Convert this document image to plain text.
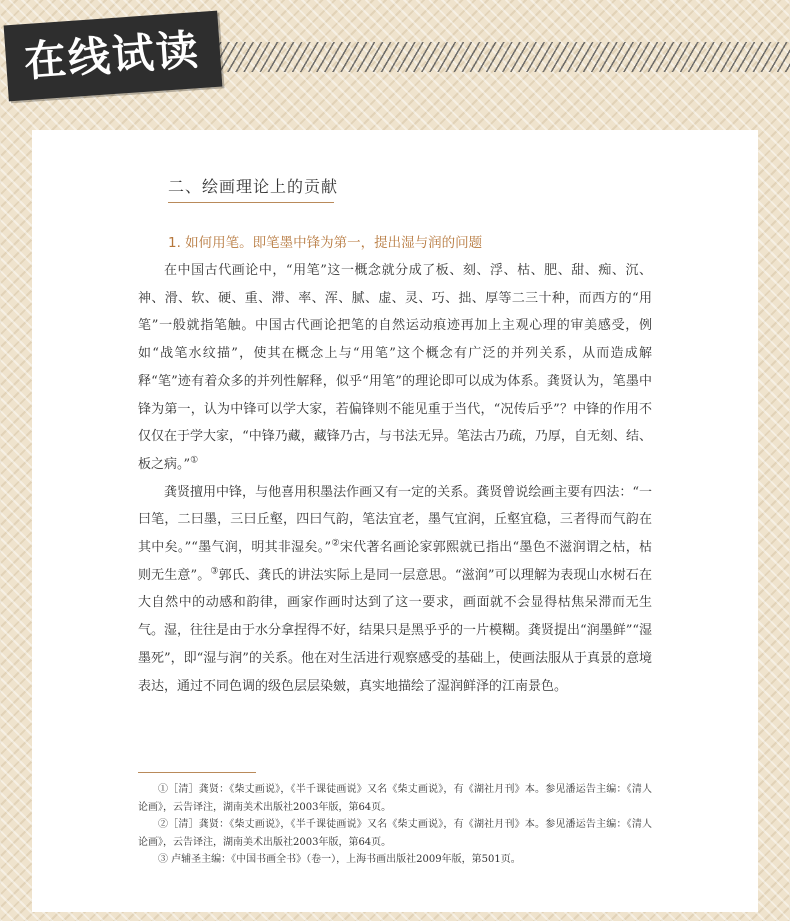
在线试读
二、绘画理论上的贡献
1. 如何用笔。即笔墨中锋为第一，提出湿与润的问题

在中国古代画论中，“用笔”这一概念就分成了板、刻、浮、枯、肥、甜、痴、沉、神、滑、软、硬、重、滞、率、浑、腻、虚、灵、巧、拙、厚等二三十种，而西方的“用笔”一般就指笔触。中国古代画论把笔的自然运动痕迹再加上主观心理的审美感受，例如“战笔水纹描”，使其在概念上与“用笔”这个概念有广泛的并列关系，从而造成解释“笔”迹有着众多的并列性解释，似乎“用笔”的理论即可以成为体系。龚贤认为，笔墨中锋为第一，认为中锋可以学大家，若偏锋则不能见重于当代，“况传后乎”？中锋的作用不仅仅在于学大家，“中锋乃藏，藏锋乃古，与书法无异。笔法古乃疏，乃厚，自无刻、结、板之病。”①

龚贤擅用中锋，与他喜用积墨法作画又有一定的关系。龚贤曾说绘画主要有四法：“一曰笔，二曰墨，三曰丘壑，四曰气韵，笔法宜老，墨气宜润，丘壑宜稳，三者得而气韵在其中矣。”“墨气润，明其非湿矣。”②宋代著名画论家郭熙就已指出“墨色不滋润谓之枯，枯则无生意”。③郭氏、龚氏的讲法实际上是同一层意思。“滋润”可以理解为表现山水树石在大自然中的动感和韵律，画家作画时达到了这一要求，画面就不会显得枯焦呆滞而无生气。湿，往往是由于水分拿捏得不好，结果只是黑乎乎的一片模糊。龚贤提出“润墨鲜”“湿墨死”，即“湿与润”的关系。他在对生活进行观察感受的基础上，使画法服从于真景的意境表达，通过不同色调的级色层层染皴，真实地描绘了湿润鲜泽的江南景色。

①［清］龚贤：《柴丈画说》，《半千课徒画说》又名《柴丈画说》，有《湖社月刊》本。参见潘运告主编：《清人论画》，云告译注，湖南美术出版社2003年版，第64页。

②［清］龚贤：《柴丈画说》，《半千课徒画说》又名《柴丈画说》，有《湖社月刊》本。参见潘运告主编：《清人论画》，云告译注，湖南美术出版社2003年版，第64页。

③ 卢辅圣主编：《中国书画全书》（卷一），上海书画出版社2009年版，第501页。
